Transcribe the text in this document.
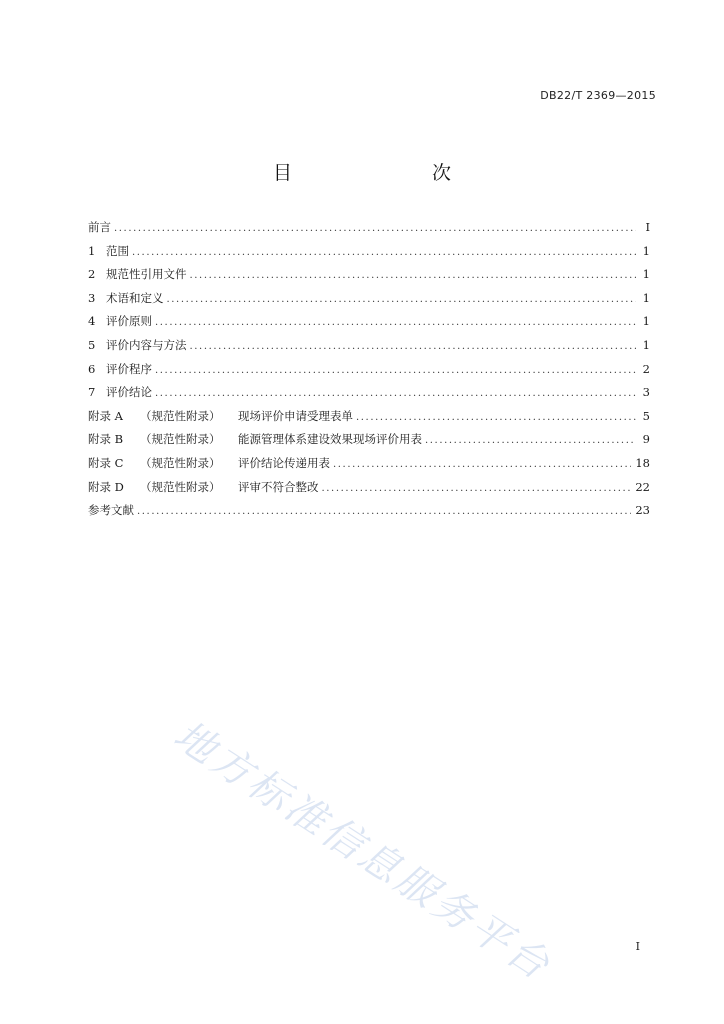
DB22/T 2369—2015
目　　次
前言 .....	I
1 范围 .....	1
2 规范性引用文件 .....	1
3 术语和定义 .....	1
4 评价原则 .....	1
5 评价内容与方法 .....	1
6 评价程序 .....	2
7 评价结论 .....	3
附录 A （规范性附录）	现场评价申请受理表单 .....	5
附录 B （规范性附录）	能源管理体系建设效果现场评价用表 .....	9
附录 C （规范性附录）	评价结论传递用表 .....	18
附录 D （规范性附录）	评审不符合整改 .....	22
参考文献 .....	23
地方标准信息服务平台	I
